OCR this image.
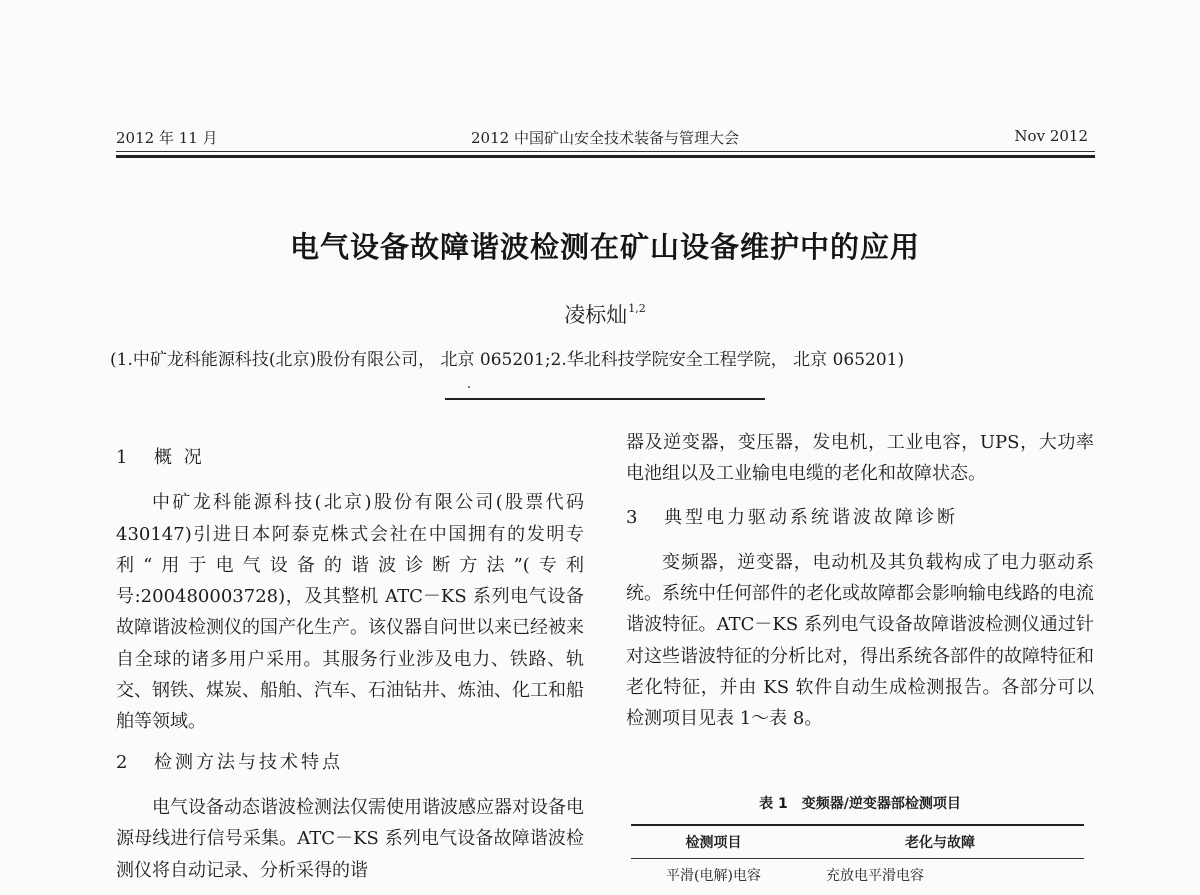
2012 年 11 月	2012 中国矿山安全技术装备与管理大会	Nov 2012
电气设备故障谐波检测在矿山设备维护中的应用
凌标灿$^{1,2}$
(1.中矿龙科能源科技(北京)股份有限公司， 北京 065201;2.华北科技学院安全工程学院， 北京 065201)
1 概 况

中矿龙科能源科技(北京)股份有限公司(股票代码 430147)引进日本阿泰克株式会社在中国拥有的发明专利“用于电气设备的谐波诊断方法”(专利号:200480003728)，及其整机 ATC－KS 系列电气设备故障谐波检测仪的国产化生产。该仪器自问世以来已经被来自全球的诸多用户采用。其服务行业涉及电力、铁路、轨交、钢铁、煤炭、船舶、汽车、石油钻井、炼油、化工和船舶等领域。

2 检测方法与技术特点

电气设备动态谐波检测法仅需使用谐波感应器对设备电源母线进行信号采集。ATC－KS 系列电气设备故障谐波检测仪将自动记录、分析采得的谐

器及逆变器，变压器，发电机，工业电容，UPS，大功率电池组以及工业输电电缆的老化和故障状态。

3 典型电力驱动系统谐波故障诊断

变频器，逆变器，电动机及其负载构成了电力驱动系统。系统中任何部件的老化或故障都会影响输电线路的电流谐波特征。ATC－KS 系列电气设备故障谐波检测仪通过针对这些谐波特征的分析比对，得出系统各部件的故障特征和老化特征，并由 KS 软件自动生成检测报告。各部分可以检测项目见表 1～表 8。

表 1　变频器/逆变器部检测项目
检测项目	老化与故障
平滑(电解)电容	充放电平滑电容
